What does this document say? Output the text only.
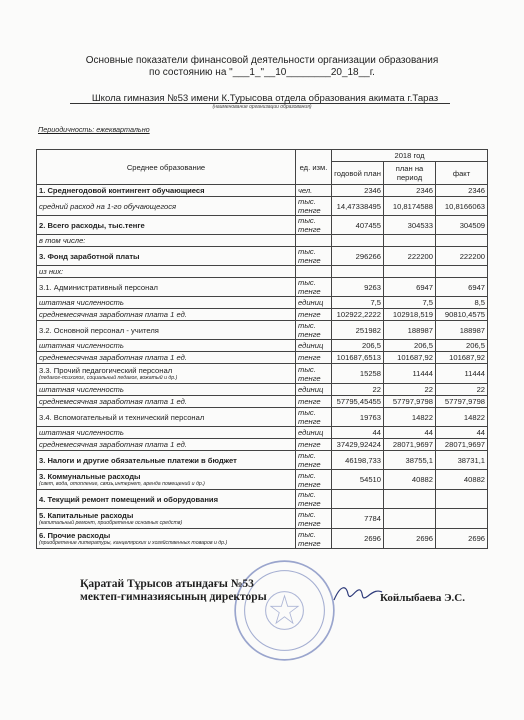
Основные показатели финансовой деятельности организации образования
по состоянию на "___1_"__10________20_18__г.
Школа гимназия №53 имени К.Турысова отдела образования акимата г.Тараз
(наименование организации образования)
Периодичность: ежеквартально
Среднее образование	ед. изм.	2018 год		
		годовой план	план на период	факт
1. Среднегодовой контингент обучающиеся	чел.	2346	2346	2346
средний расход на 1-го обучающегося	тыс. тенге	14,47338495	10,8174588	10,8166063
2. Всего расходы, тыс.тенге	тыс. тенге	407455	304533	304509
в том числе:				
3. Фонд заработной платы	тыс. тенге	296266	222200	222200
из них:				
3.1. Административный персонал	тыс. тенге	9263	6947	6947
штатная численность	единиц	7,5	7,5	8,5
среднемесячная заработная плата 1 ед.	тенге	102922,2222	102918,519	90810,4575
3.2. Основной персонал - учителя	тыс. тенге	251982	188987	188987
штатная численность	единиц	206,5	206,5	206,5
среднемесячная заработная плата 1 ед.	тенге	101687,6513	101687,92	101687,92
3.3. Прочий педагогический персонал
(педагог-психолог, социальный педагог, вожатый и др.)	тыс. тенге	15258	11444	11444
штатная численность	единиц	22	22	22
среднемесячная заработная плата 1 ед.	тенге	57795,45455	57797,9798	57797,9798
3.4. Вспомогательный и технический персонал	тыс. тенге	19763	14822	14822
штатная численность	единиц	44	44	44
среднемесячная заработная плата 1 ед.	тенге	37429,92424	28071,9697	28071,9697
3. Налоги и другие обязательные платежи в бюджет	тыс. тенге	46198,733	38755,1	38731,1
3. Коммунальные расходы
(свет, вода, отопление, связь,интернет, аренда помещений и др.)	тыс. тенге	54510	40882	40882
4. Текущий ремонт помещений и оборудования	тыс. тенге			
5. Капитальные расходы
(капитальный ремонт, приобретение основных средств)	тыс. тенге	7784		
6. Прочие расходы
(приобретение литературы, канцелярских и хозяйственных товаров и др.)	тыс. тенге	2696	2696	2696
Қаратай Тұрысов атындағы №53
мектеп-гимназиясының директоры	Койлыбаева Э.С.
